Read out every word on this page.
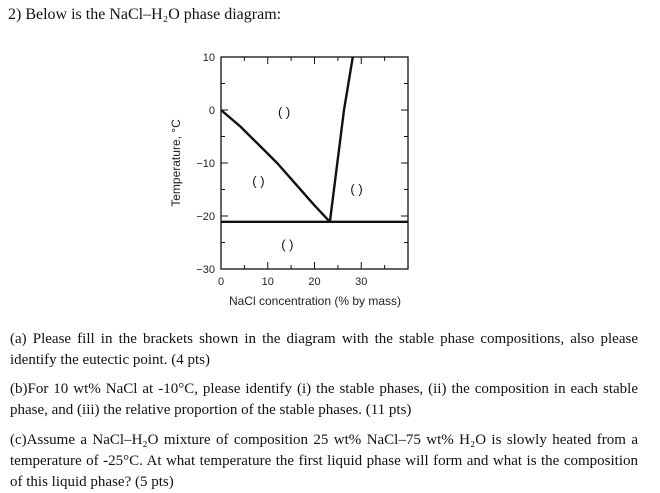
2) Below is the NaCl–H₂O phase diagram:
10
0
−10
−20
−30
0	10	20	30
( )
( )
( )
( )
NaCl concentration (% by mass)
Temperature, °C

(a) Please fill in the brackets shown in the diagram with the stable phase compositions, also please identify the eutectic point. (4 pts)

(b)For 10 wt% NaCl at -10°C, please identify (i) the stable phases, (ii) the composition in each stable phase, and (iii) the relative proportion of the stable phases. (11 pts)

(c)Assume a NaCl–H₂O mixture of composition 25 wt% NaCl–75 wt% H₂O is slowly heated from a temperature of -25°C. At what temperature the first liquid phase will form and what is the composition of this liquid phase? (5 pts)
